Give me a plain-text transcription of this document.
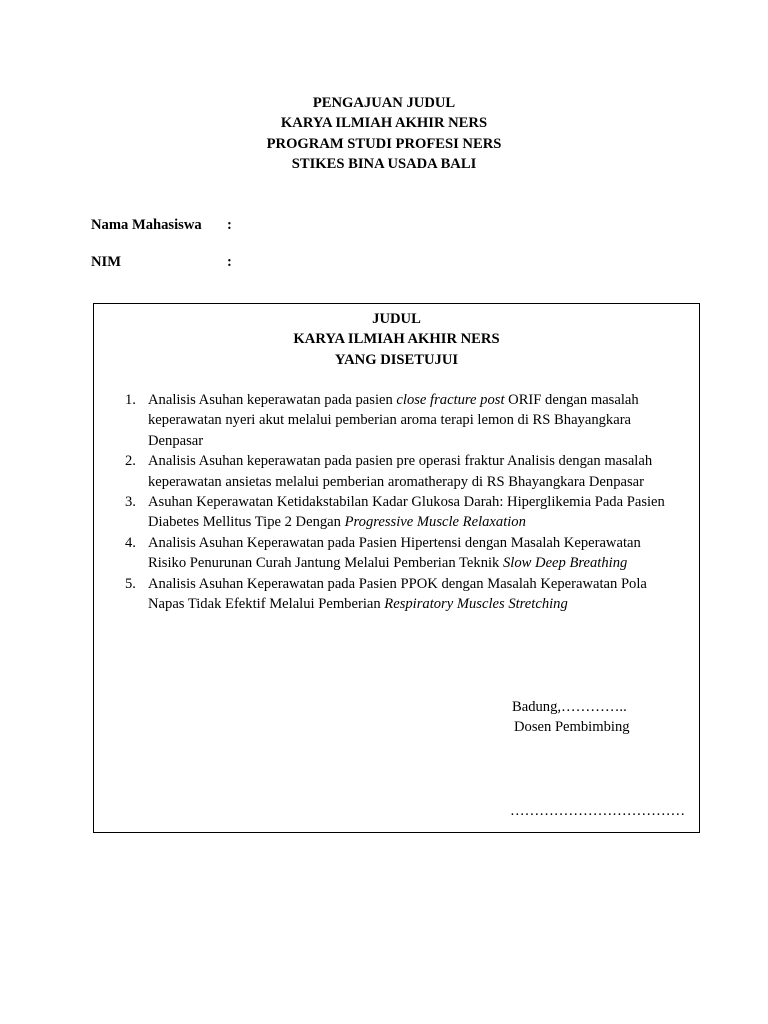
PENGAJUAN JUDUL
KARYA ILMIAH AKHIR NERS
PROGRAM STUDI PROFESI NERS
STIKES BINA USADA BALI
Nama Mahasiswa :
NIM	:
JUDUL
KARYA ILMIAH AKHIR NERS
YANG DISETUJUI
1. Analisis Asuhan keperawatan pada pasien close fracture post ORIF dengan masalah keperawatan nyeri akut melalui pemberian aroma terapi lemon di RS Bhayangkara Denpasar
2. Analisis Asuhan keperawatan pada pasien pre operasi fraktur Analisis dengan masalah keperawatan ansietas melalui pemberian aromatherapy di RS Bhayangkara Denpasar
3. Asuhan Keperawatan Ketidakstabilan Kadar Glukosa Darah: Hiperglikemia Pada Pasien Diabetes Mellitus Tipe 2 Dengan Progressive Muscle Relaxation
4. Analisis Asuhan Keperawatan pada Pasien Hipertensi dengan Masalah Keperawatan Risiko Penurunan Curah Jantung Melalui Pemberian Teknik Slow Deep Breathing
5. Analisis Asuhan Keperawatan pada Pasien PPOK dengan Masalah Keperawatan Pola Napas Tidak Efektif Melalui Pemberian Respiratory Muscles Stretching
Badung,…………..
Dosen Pembimbing
………………………………
